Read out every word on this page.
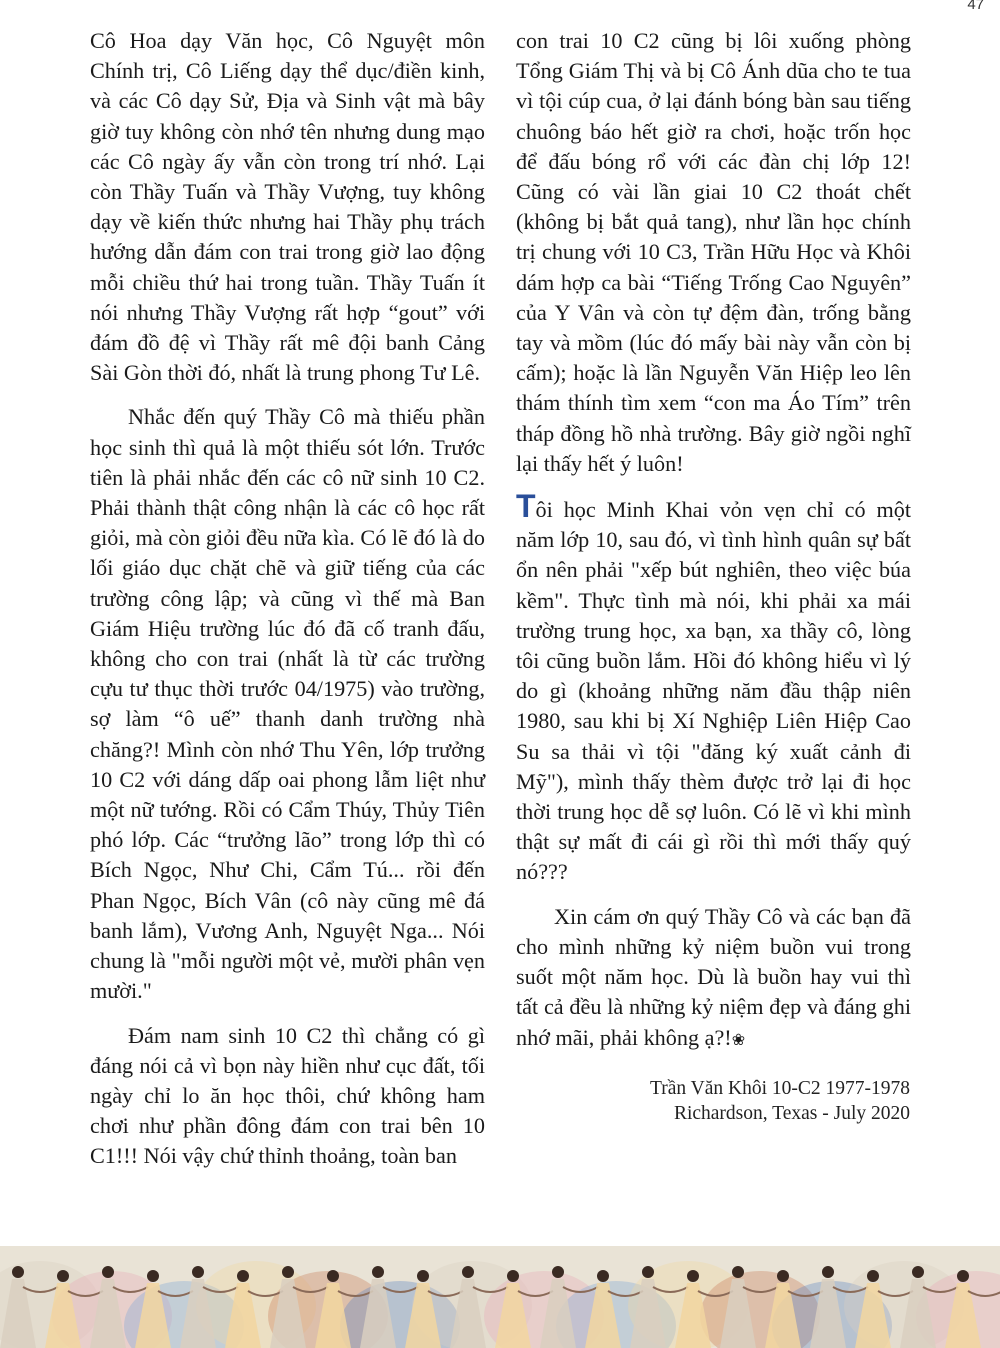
47

Cô Hoa dạy Văn học, Cô Nguyệt môn Chính trị, Cô Liếng dạy thể dục/điền kinh, và các Cô dạy Sử, Địa và Sinh vật mà bây giờ tuy không còn nhớ tên nhưng dung mạo các Cô ngày ấy vẫn còn trong trí nhớ. Lại còn Thầy Tuấn và Thầy Vượng, tuy không dạy về kiến thức nhưng hai Thầy phụ trách hướng dẫn đám con trai trong giờ lao động mỗi chiều thứ hai trong tuần. Thầy Tuấn ít nói nhưng Thầy Vượng rất hợp “gout” với đám đồ đệ vì Thầy rất mê đội banh Cảng Sài Gòn thời đó, nhất là trung phong Tư Lê.

Nhắc đến quý Thầy Cô mà thiếu phần học sinh thì quả là một thiếu sót lớn. Trước tiên là phải nhắc đến các cô nữ sinh 10 C2. Phải thành thật công nhận là các cô học rất giỏi, mà còn giỏi đều nữa kìa. Có lẽ đó là do lối giáo dục chặt chẽ và giữ tiếng của các trường công lập; và cũng vì thế mà Ban Giám Hiệu trường lúc đó đã cố tranh đấu, không cho con trai (nhất là từ các trường cựu tư thục thời trước 04/1975) vào trường, sợ làm “ô uế” thanh danh trường nhà chăng?! Mình còn nhớ Thu Yên, lớp trưởng 10 C2 với dáng dấp oai phong lẫm liệt như một nữ tướng. Rồi có Cẩm Thúy, Thủy Tiên phó lớp. Các “trưởng lão” trong lớp thì có Bích Ngọc, Như Chi, Cẩm Tú... rồi đến Phan Ngọc, Bích Vân (cô này cũng mê đá banh lắm), Vương Anh, Nguyệt Nga... Nói chung là "mỗi người một vẻ, mười phân vẹn mười."

Đám nam sinh 10 C2 thì chẳng có gì đáng nói cả vì bọn này hiền như cục đất, tối ngày chỉ lo ăn học thôi, chứ không ham chơi như phần đông đám con trai bên 10 C1!!! Nói vậy chứ thỉnh thoảng, toàn ban

con trai 10 C2 cũng bị lôi xuống phòng Tổng Giám Thị và bị Cô Ánh dũa cho te tua vì tội cúp cua, ở lại đánh bóng bàn sau tiếng chuông báo hết giờ ra chơi, hoặc trốn học để đấu bóng rổ với các đàn chị lớp 12! Cũng có vài lần giai 10 C2 thoát chết (không bị bắt quả tang), như lần học chính trị chung với 10 C3, Trần Hữu Học và Khôi dám hợp ca bài “Tiếng Trống Cao Nguyên” của Y Vân và còn tự đệm đàn, trống bằng tay và mồm (lúc đó mấy bài này vẫn còn bị cấm); hoặc là lần Nguyễn Văn Hiệp leo lên thám thính tìm xem “con ma Áo Tím” trên tháp đồng hồ nhà trường. Bây giờ ngồi nghĩ lại thấy hết ý luôn!

Tôi học Minh Khai vỏn vẹn chỉ có một năm lớp 10, sau đó, vì tình hình quân sự bất ổn nên phải "xếp bút nghiên, theo việc búa kềm". Thực tình mà nói, khi phải xa mái trường trung học, xa bạn, xa thầy cô, lòng tôi cũng buồn lắm. Hồi đó không hiểu vì lý do gì (khoảng những năm đầu thập niên 1980, sau khi bị Xí Nghiệp Liên Hiệp Cao Su sa thải vì tội "đăng ký xuất cảnh đi Mỹ"), mình thấy thèm được trở lại đi học thời trung học dễ sợ luôn. Có lẽ vì khi mình thật sự mất đi cái gì rồi thì mới thấy quý nó???

Xin cám ơn quý Thầy Cô và các bạn đã cho mình những kỷ niệm buồn vui trong suốt một năm học. Dù là buồn hay vui thì tất cả đều là những kỷ niệm đẹp và đáng ghi nhớ mãi, phải không ạ?!❀

Trần Văn Khôi 10-C2 1977-1978
Richardson, Texas - July 2020
